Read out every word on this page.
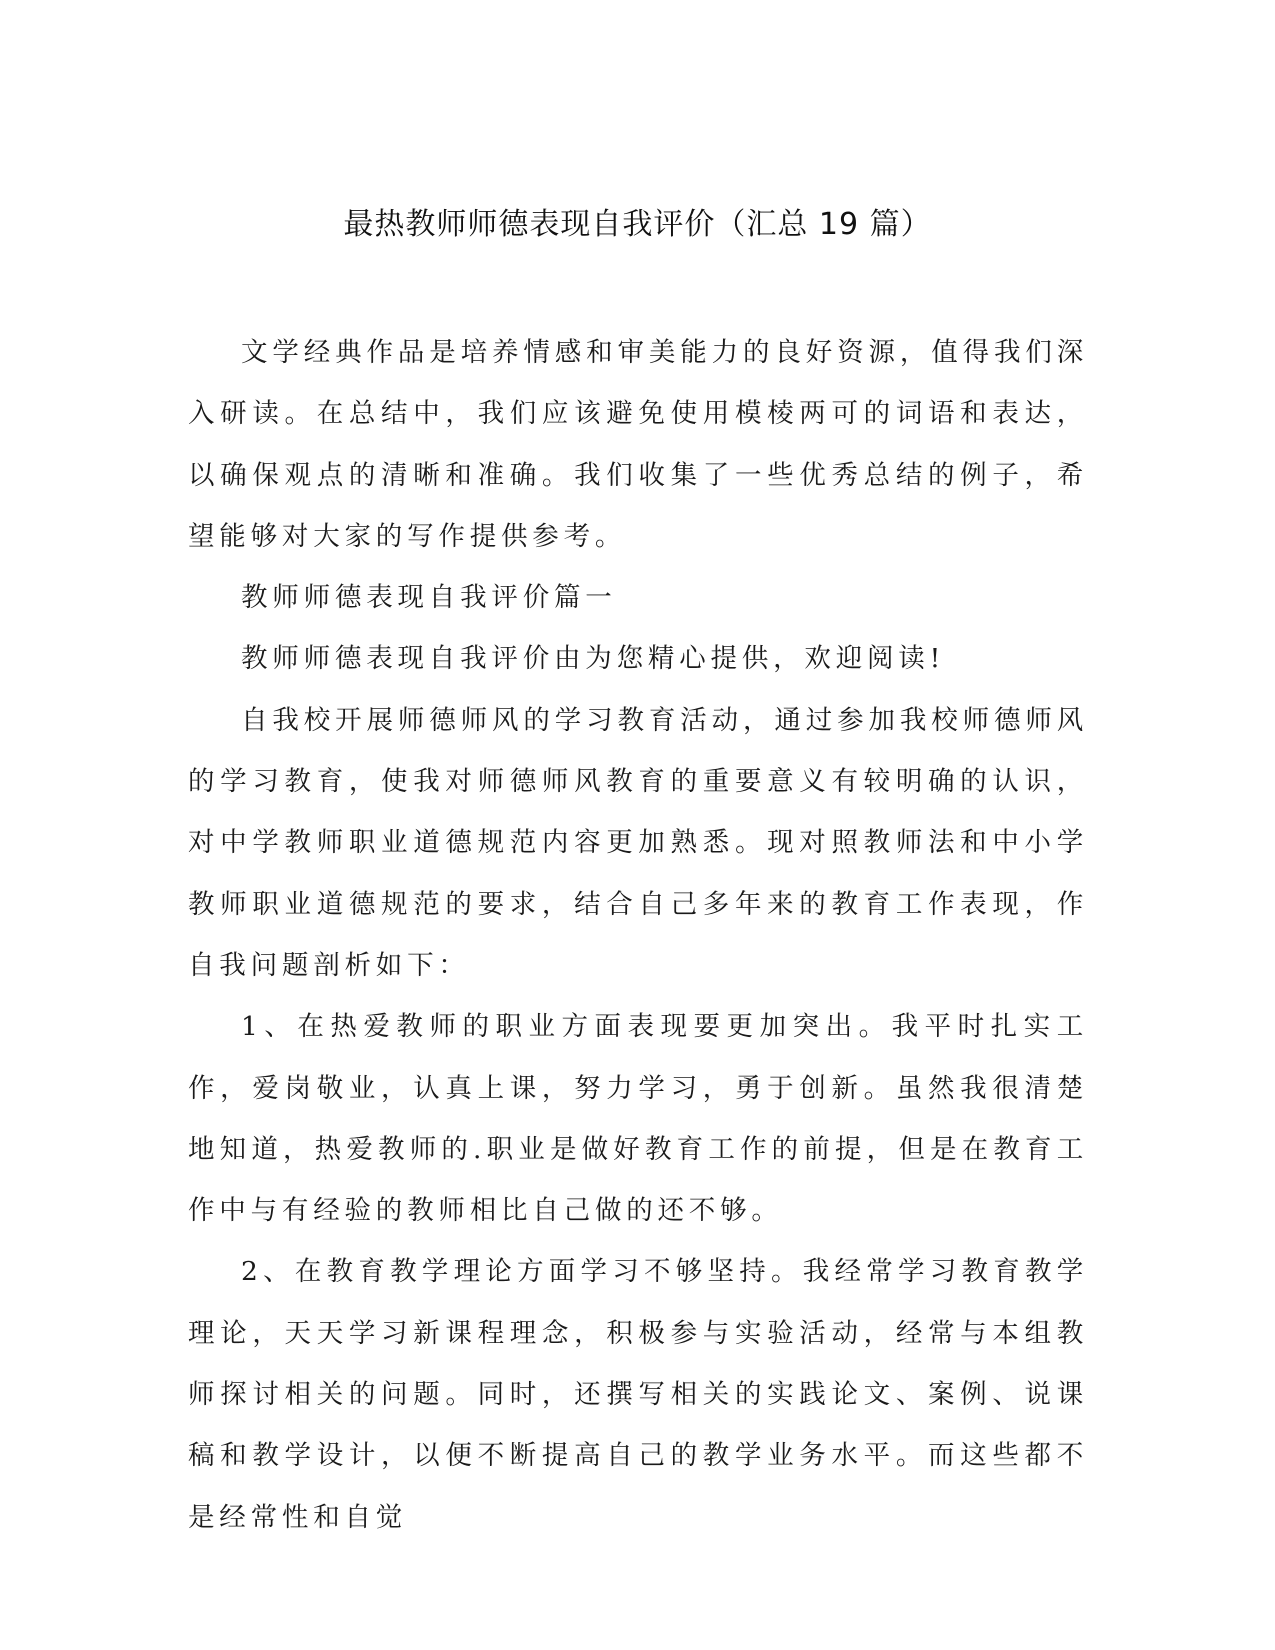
最热教师师德表现自我评价（汇总 19 篇）

文学经典作品是培养情感和审美能力的良好资源，值得我们深入研读。在总结中，我们应该避免使用模棱两可的词语和表达，以确保观点的清晰和准确。我们收集了一些优秀总结的例子，希望能够对大家的写作提供参考。

教师师德表现自我评价篇一

教师师德表现自我评价由为您精心提供，欢迎阅读!

自我校开展师德师风的学习教育活动，通过参加我校师德师风的学习教育，使我对师德师风教育的重要意义有较明确的认识，对中学教师职业道德规范内容更加熟悉。现对照教师法和中小学教师职业道德规范的要求，结合自己多年来的教育工作表现，作自我问题剖析如下：

1、在热爱教师的职业方面表现要更加突出。我平时扎实工作，爱岗敬业，认真上课，努力学习，勇于创新。虽然我很清楚地知道，热爱教师的.职业是做好教育工作的前提，但是在教育工作中与有经验的教师相比自己做的还不够。

2、在教育教学理论方面学习不够坚持。我经常学习教育教学理论，天天学习新课程理念，积极参与实验活动，经常与本组教师探讨相关的问题。同时，还撰写相关的实践论文、案例、说课稿和教学设计，以便不断提高自己的教学业务水平。而这些都不是经常性和自觉
